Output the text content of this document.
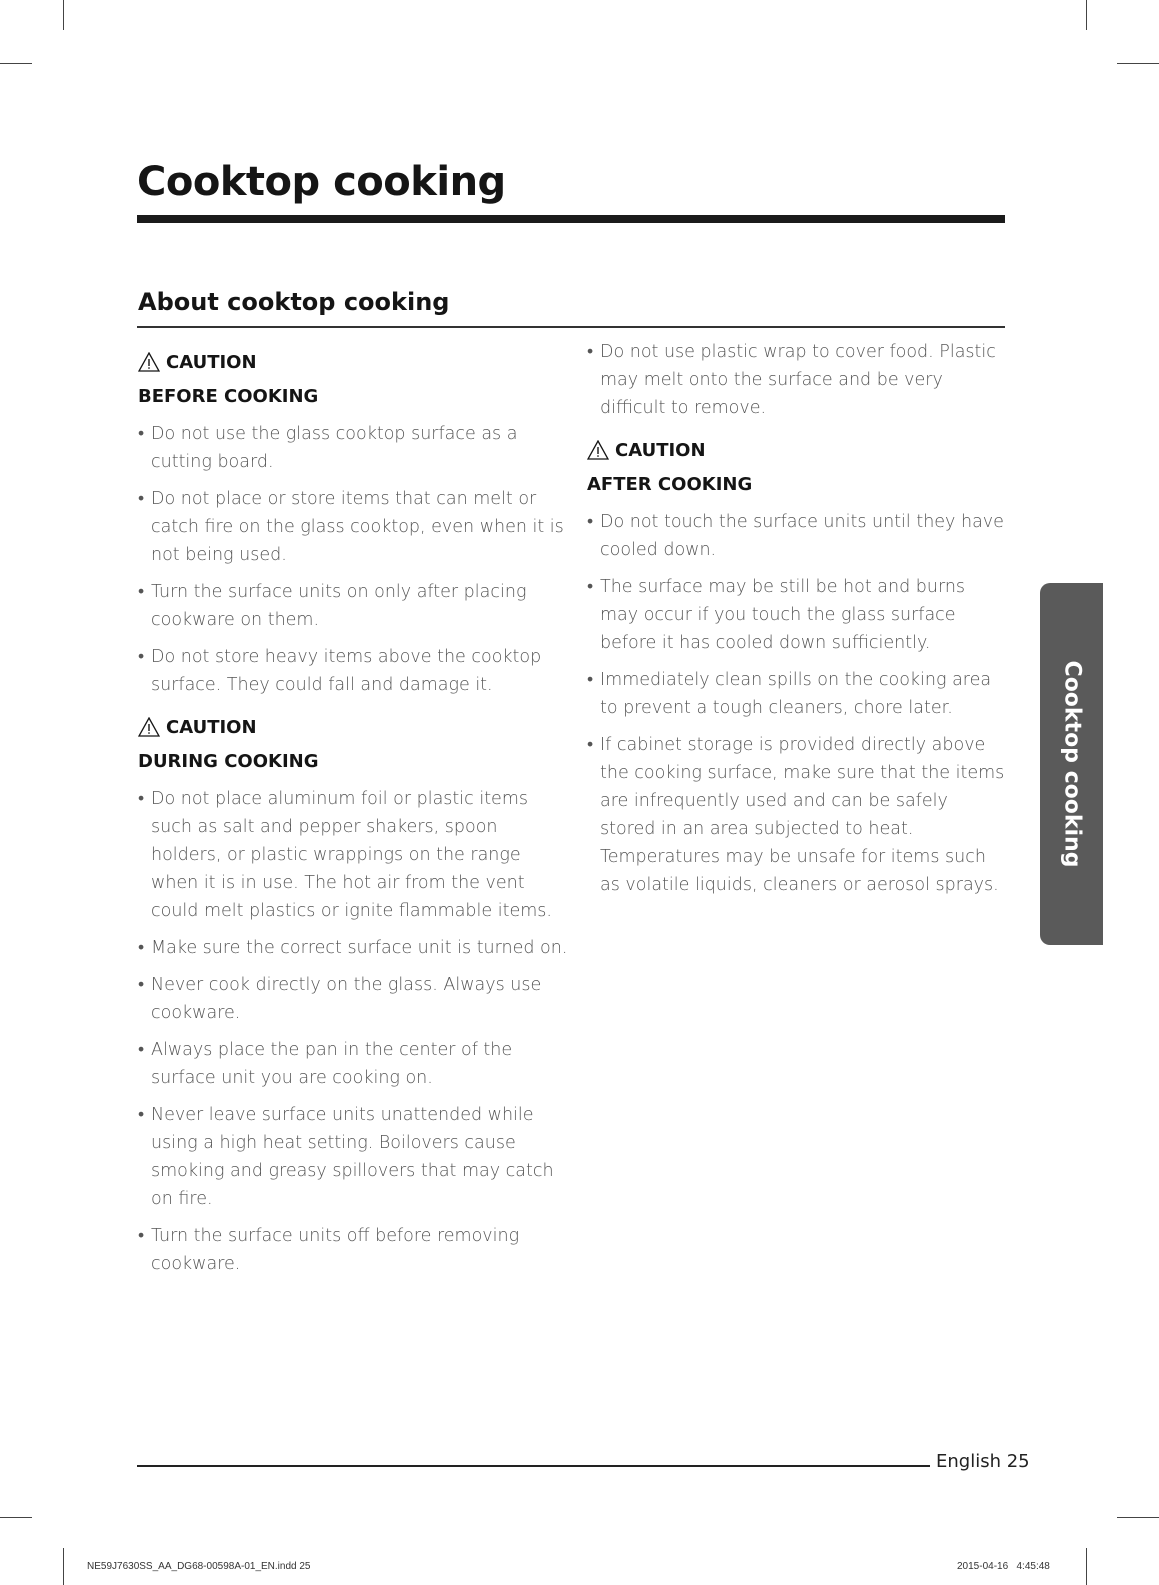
Cooktop cooking
About cooktop cooking
CAUTION
BEFORE COOKING
• Do not use the glass cooktop surface as a cutting board.
• Do not place or store items that can melt or catch fire on the glass cooktop, even when it is not being used.
• Turn the surface units on only after placing cookware on them.
• Do not store heavy items above the cooktop surface. They could fall and damage it.
CAUTION
DURING COOKING
• Do not place aluminum foil or plastic items such as salt and pepper shakers, spoon holders, or plastic wrappings on the range when it is in use. The hot air from the vent could melt plastics or ignite flammable items.
• Make sure the correct surface unit is turned on.
• Never cook directly on the glass. Always use cookware.
• Always place the pan in the center of the surface unit you are cooking on.
• Never leave surface units unattended while using a high heat setting. Boilovers cause smoking and greasy spillovers that may catch on fire.
• Turn the surface units off before removing cookware.
• Do not use plastic wrap to cover food. Plastic may melt onto the surface and be very difficult to remove.
CAUTION
AFTER COOKING
• Do not touch the surface units until they have cooled down.
• The surface may be still be hot and burns may occur if you touch the glass surface before it has cooled down sufficiently.
• Immediately clean spills on the cooking area to prevent a tough cleaners, chore later.
• If cabinet storage is provided directly above the cooking surface, make sure that the items are infrequently used and can be safely stored in an area subjected to heat. Temperatures may be unsafe for items such as volatile liquids, cleaners or aerosol sprays.
Cooktop cooking
English 25
NE59J7630SS_AA_DG68-00598A-01_EN.indd 25	2015-04-16   4:45:48
